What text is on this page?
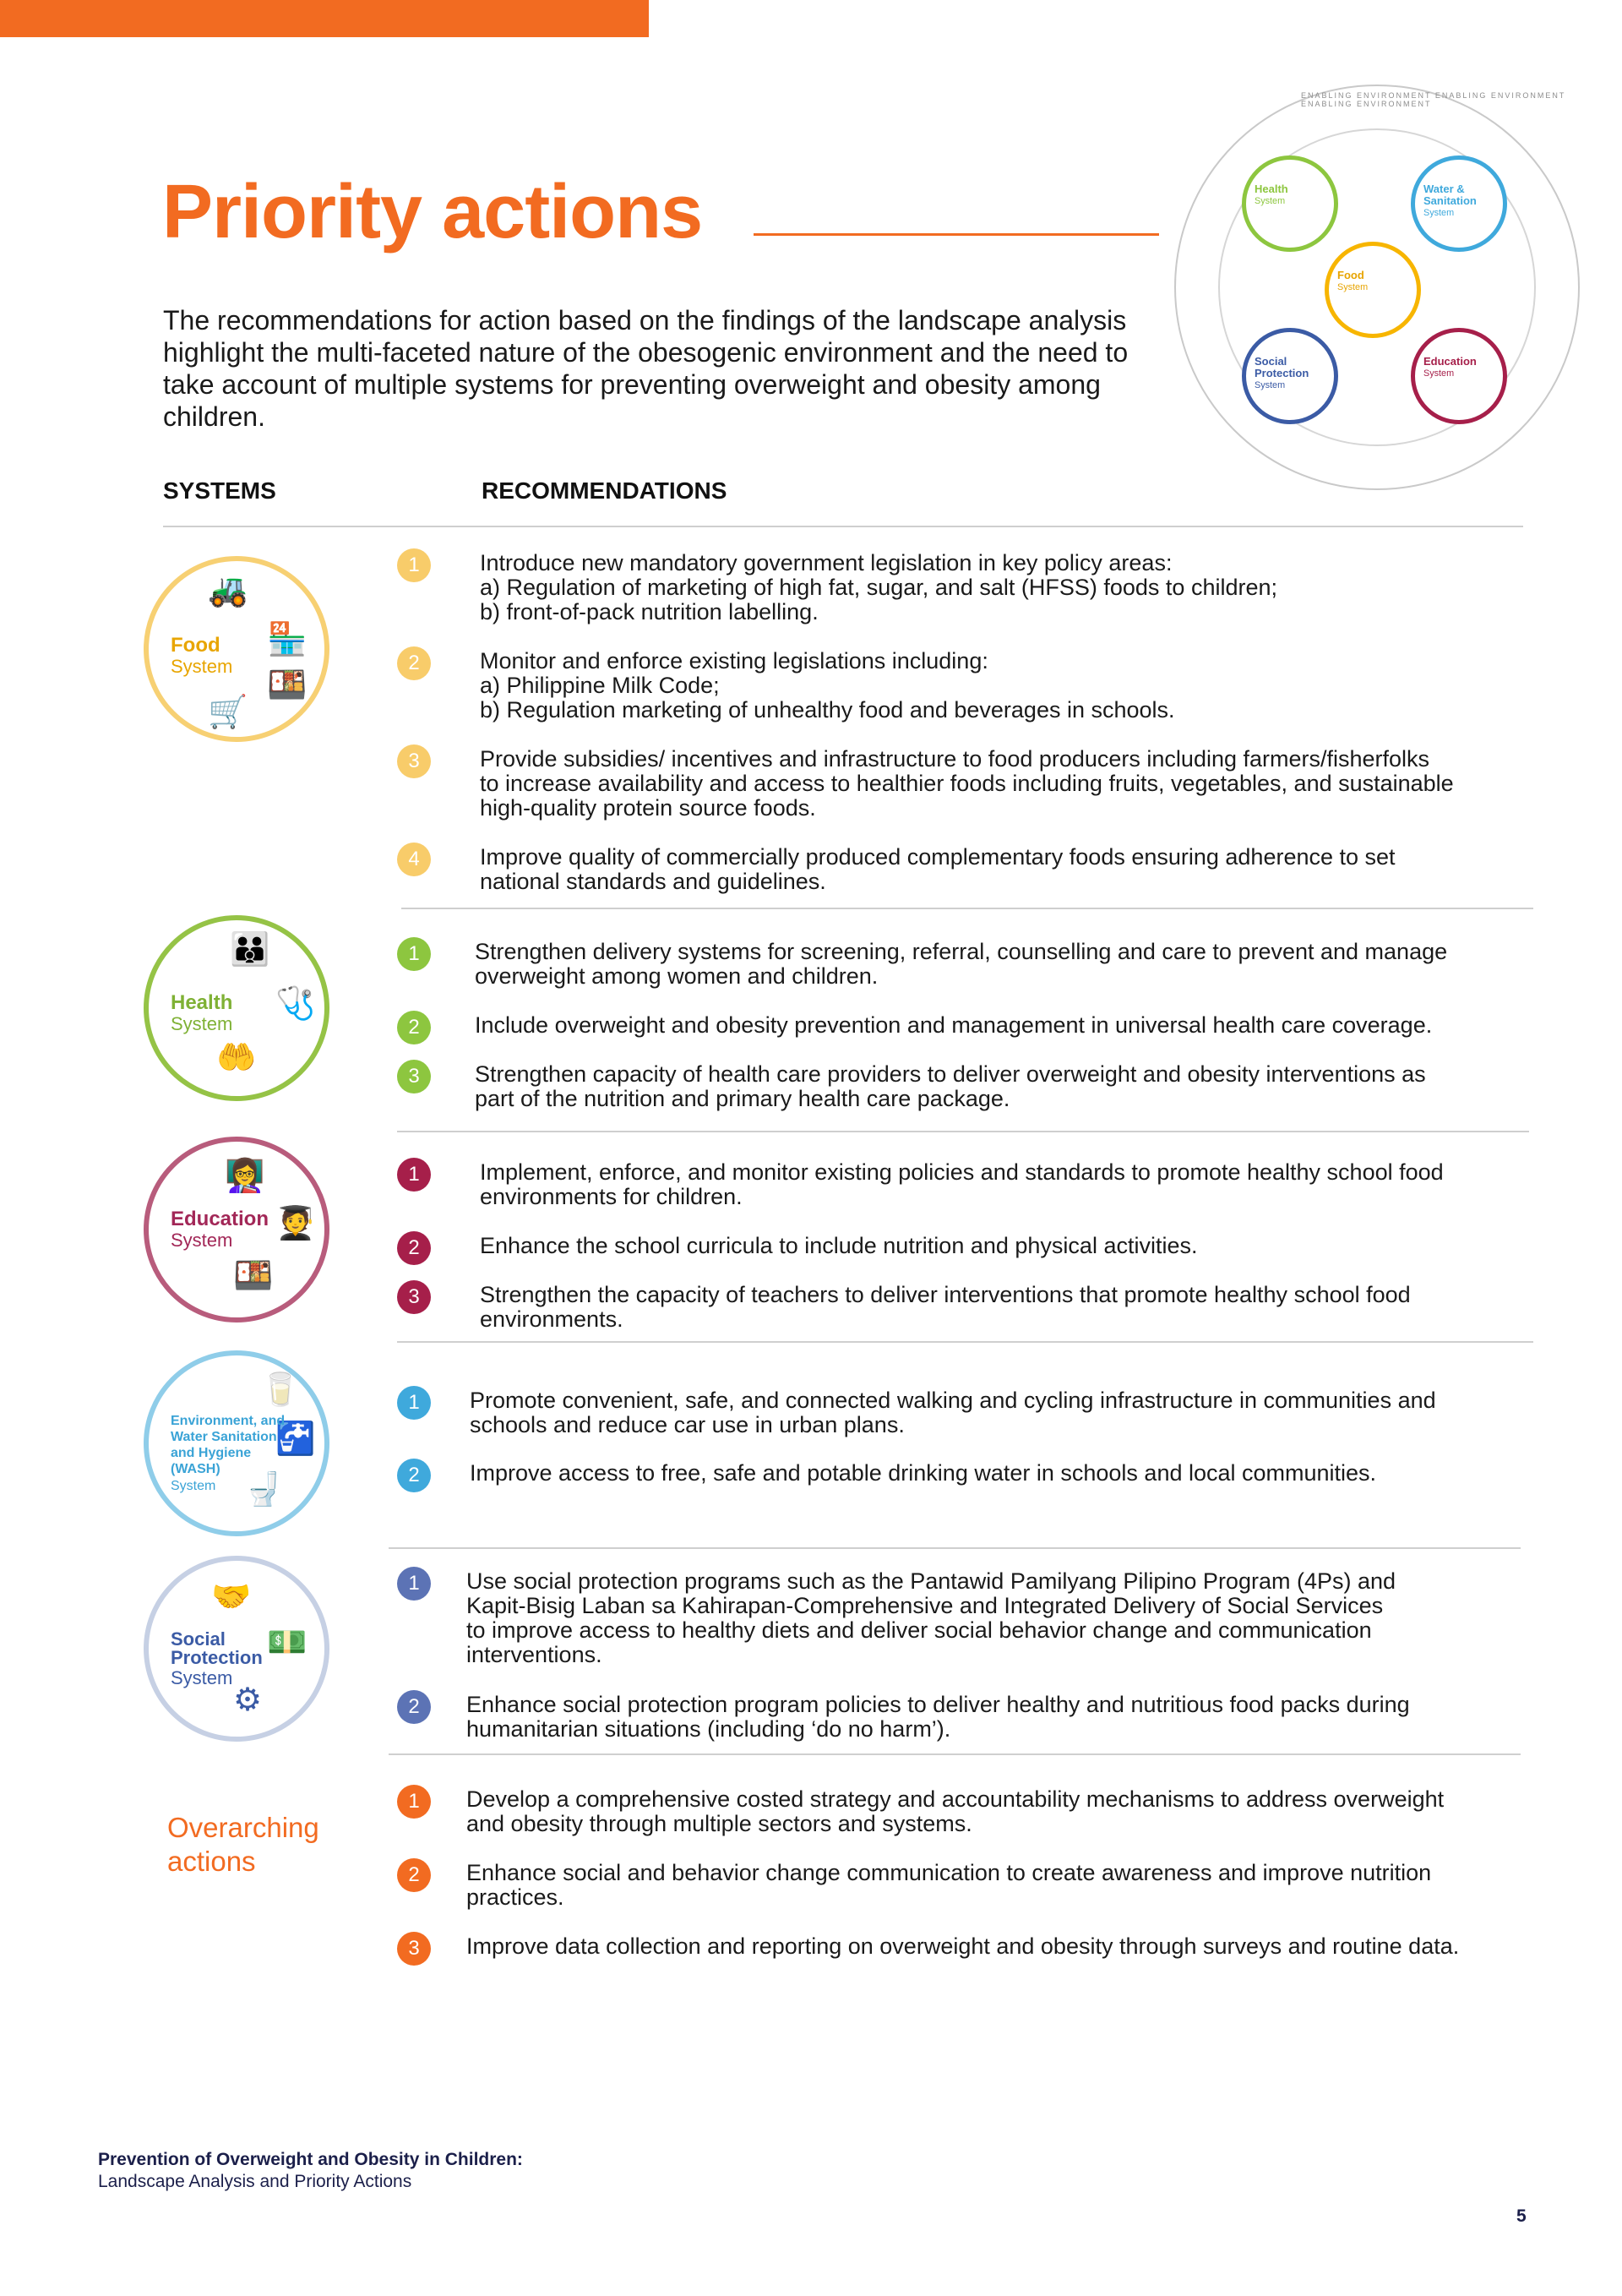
Priority actions

The recommendations for action based on the findings of the landscape analysis highlight the multi-faceted nature of the obesogenic environment and the need to take account of multiple systems for preventing overweight and obesity among children.

ENABLING ENVIRONMENT ENABLING ENVIRONMENT ENABLING ENVIRONMENT
Health
System
Water & Sanitation
System
Food
System
Social Protection
System
Education
System
SYSTEMS	RECOMMENDATIONS
🚜
🏪
🍱
🛒
Food
System
1	Introduce new mandatory government legislation in key policy areas:
a) Regulation of marketing of high fat, sugar, and salt (HFSS) foods to children;
b) front-of-pack nutrition labelling.
2	Monitor and enforce existing legislations including:
a) Philippine Milk Code;
b) Regulation marketing of unhealthy food and beverages in schools.
3	Provide subsidies/ incentives and infrastructure to food producers including farmers/fisherfolks
to increase availability and access to healthier foods including fruits, vegetables, and sustainable
high-quality protein source foods.
4	Improve quality of commercially produced complementary foods ensuring adherence to set
national standards and guidelines.
👪
🩺
🤲
Health
System
1	Strengthen delivery systems for screening, referral, counselling and care to prevent and manage
overweight among women and children.
2	Include overweight and obesity prevention and management in universal health care coverage.
3	Strengthen capacity of health care providers to deliver overweight and obesity interventions as
part of the nutrition and primary health care package.
👩‍🏫
🧑‍🎓
🍱
Education
System
1	Implement, enforce, and monitor existing policies and standards to promote healthy school food
environments for children.
2	Enhance the school curricula to include nutrition and physical activities.
3	Strengthen the capacity of teachers to deliver interventions that promote healthy school food
environments.
🥛
🚰
🚽
Environment, and Water Sanitation and Hygiene (WASH)
System
1	Promote convenient, safe, and connected walking and cycling infrastructure in communities and
schools and reduce car use in urban plans.
2	Improve access to free, safe and potable drinking water in schools and local communities.
🤝
💵
⚙
Social Protection
System
1	Use social protection programs such as the Pantawid Pamilyang Pilipino Program (4Ps) and
Kapit-Bisig Laban sa Kahirapan-Comprehensive and Integrated Delivery of Social Services
to improve access to healthy diets and deliver social behavior change and communication
interventions.
2	Enhance social protection program policies to deliver healthy and nutritious food packs during
humanitarian situations (including ‘do no harm’).
Overarching actions
1	Develop a comprehensive costed strategy and accountability mechanisms to address overweight
and obesity through multiple sectors and systems.
2	Enhance social and behavior change communication to create awareness and improve nutrition
practices.
3	Improve data collection and reporting on overweight and obesity through surveys and routine data.
Prevention of Overweight and Obesity in Children:
Landscape Analysis and Priority Actions
5
